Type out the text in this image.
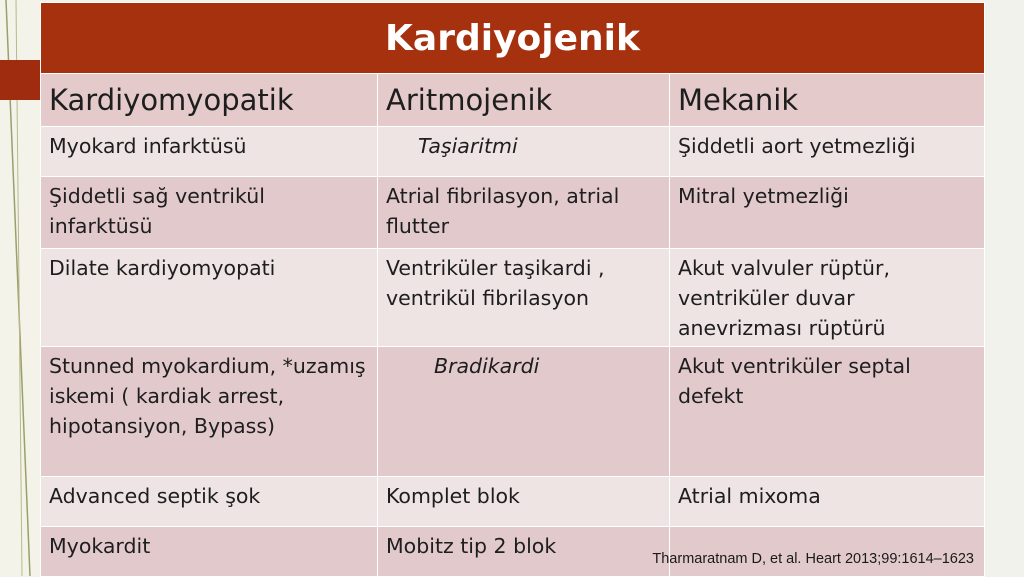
Kardiyojenik		
Kardiyomyopatik	Aritmojenik	Mekanik
Myokard infarktüsü	Taşiaritmi	Şiddetli aort yetmezliği
Şiddetli sağ ventrikül infarktüsü	Atrial fibrilasyon, atrial flutter	Mitral yetmezliği
Dilate kardiyomyopati	Ventriküler taşikardi , ventrikül fibrilasyon	Akut valvuler rüptür, ventriküler duvar anevrizması rüptürü
Stunned myokardium, *uzamış iskemi ( kardiak arrest, hipotansiyon, Bypass)	Bradikardi	Akut ventriküler septal defekt
Advanced septik şok	Komplet blok	Atrial mixoma
Myokardit	Mobitz tip 2 blok	
Tharmaratnam D, et al. Heart 2013;99:1614–1623
